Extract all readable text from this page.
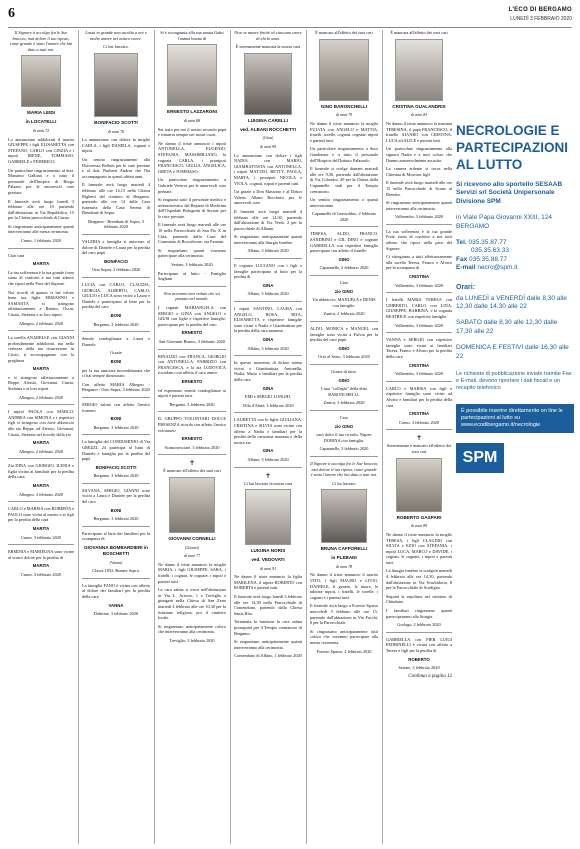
6	L'ECO DI BERGAMO
LUNEDÌ 3 FEBBRAIO 2020

Il Signore ti accolga fra le Sue braccia, mai dolore il tuo riposo, come grande è stato l'amore che hai dato a tutti noi.

MARIA LEIDI

in LOCATELLI

di anni 72

Lo annunciano addolorati il marito GIUSEPPE i figli ELISABETTA con STEFANO, CARLO con CINZIA e i nipoti IRENE, TOMMASO, GABRIELE e FEDERICO.

Un particolare ringraziamento al dott. Massimo Galbiati e a tutto il personale dell'hospice di Borgo Palazzo per le amorevoli cure prestate.

Il funerale avrà luogo lunedì 3 febbraio alle ore 10 partendo dall'abitazione in Via Repubblica, 15 per la Chiesa parrocchiale di Curno.

Si ringraziano anticipatamente quanti interverranno alle mesta cerimonia.

Curno, 1 febbraio 2020

Ciao cara

MARITA

La tua sofferenza è la tua grande forza siano di conforto a noi tutti adesso che riposi nella Pace del Signore.

Noi ricordi di quanto ci hai voluto bene tua figlia ERMANNO e SAMANTA si stringono affettuosamente a Renato, Oscar, Cinzia, Stefania e ai loro nipoti.

Albegno, 2 febbraio 2020

La sorella ANABELLE con GIANNI profondamente addolorati, ma nella certezza della tua risurrezione in Cristo, ti accompagnano con la preghiera

MARITA

e si stringono affettuosamente a Beppe, Alessio, Giovanni, Cinzia, Stefania e ai loro nipoti.

Albegno, 2 febbraio 2020

I nipoti PAOLA con MARCO, ANDREA con SIMONA e i rispettivi figli si stringono con forte abbraccio allo zio Beppe, ad Alessio, Giovanni, Cinzia, Stefania nel ricordo della zia

MARITA

Albegno, 2 febbraio 2020

Zia DINA con GIORGIO, ILENIA e figlia vicina ai familiari per la perdita della cara

MARITA

Albegno, 3 febbraio 2020

CARLO e MARISA con ROBERTA e PAOLO sono vicini al marito e ai figli per la perdita della cara

MARITA

Curno, 3 febbraio 2020

ERMINIA e MARIEUNA sono vicine al vostro dolore per la perdita di

MARITA

Curno, 3 febbraio 2020

Lassù in grande non ascolta a noi e molto amore nel nostro cuore.

Ci hai lasciato.

BONIFACIO SCOTTI

di anni 76

Lo annunciano con dolore la moglie CARLA, i figli DANIELA, cognati e nipoti.

Un sentito ringraziamento alla Dottoressa Belloni per le cure prestate e al dott. Barbieri Andrea che l'ha accompagnato in questi ultimi anni.

Il funerale avrà luogo martedì 4 febbraio alle ore 14,15 nella Chiesa Righetti del cimitero di Bergamo, partendo alle ore 14 dalla Casa funeraria della Casa Serena di Brembate di Sopra.

Bergamo - Brembate di Sopra, 3 febbraio 2020

VALERIA e famiglia si uniscono al dolore di Daniele e Laura per la perdita del caro papà

BONIFACIO

Osio Sopra, 2 febbraio 2020

LUCIA con CARLO, CLAUDIA, GIORGIA, ALBERTO, CARLO, GIULIO e LUCA sono vicini a Laura e Daniele e partecipano al lutto per la perdita del caro

BONI

Bergamo, 2 febbraio 2020

Sentite condoglianze a Laura e Daniele.

Grazie

BONI

per la tua amicizia incondizionata che ci hai sempre dimostrato.

Con affetto MARIA Albegno - Bergamo - Osio Sopra, 3 febbraio 2020

SERGIO saluta con affetto l'amico fraterno

BONI

Bergamo, 3 febbraio 2020

La famiglia del CONDOMINIO di Via GREZZI, 24 partecipa al lutto di Daniele e famiglia per la perdita del papà

BONIFACIO SCOTTI

Bergamo, 3 febbraio 2020

SILVANA, SERGIO, GIANNI sono vicini a Laura e Daniele per la perdita del caro

BONI

Bergamo, 3 febbraio 2020

Partecipano al lutto dei familiari per la scomparsa di

GIOVANNA BOMBARDIERI in BOSCHETTI

(Vanna)

Classe 1952, Bonate Sopra.

La famiglia FANO è vicina con affetto al dolore dei familiari per la perdita della cara

VANNA

Dalmine, 3 febbraio 2020

Si è ricongiunta alla sua amata Gabri l'anima buona di

ERNESTO LAZZARONI

di anni 88

Sei stato per noi il nostro secondo papà e rimarrai sempre nei nostri cuori.

Ne danno il triste annuncio i nipoti ANTONELLA, EUGENIO, STEFANIA, MASSIMILIANO, la cognata CARLA, i pronipoti FRANCESCO, GIULIA, ANGELICA, GRETA e TOMMASO.

Un particolare ringraziamento a Gabriele Vertova per le amorevoli cure prestate.

Si ringrazia tutto il personale medico e infermieristico del Reparto di Medicina dell'Ospedale Bolognini di Seriate per le cure prestate.

Il funerale avrà luogo martedì alle ore 10 nella Parrocchiale di San Pio X in Città, partendo dalla Casa del Commiato di Boccaleone, via Fantoni.

Si ringraziano quanti vorranno partecipare alla cerimonia.

Seriate, 3 febbraio 2020

Partecipano al lutto: - Famiglie Sugliani

Non avevamo mai veduto che sei passato nel mondo.

I cognati MARIANGELA con SERGIO e GINA con ANGELO e GIUSI con figlie e rispettive famiglie, partecipano per la perdita del caro

ERNESTO

San Giovanni Bianco, 3 febbraio 2020

RINALDO con FRANCA, GIORGIO con ANTONELLA, FABRIZIO con FRANCESCA, e la zia LUDOVICA ricordano con affetto il caro amico

ERNESTO

ed esprimono sentite condoglianze ai nipoti e parenti tutti.

Bergamo, 3 febbraio 2020

IL GRUPPO VOLONTARI DOLCE PRESENZA ricorda con affetto l'amico volontario

ERNESTO

Scanzorosciate, 3 febbraio 2020

✝

È mancato all'affetto dei suoi cari

GIOVANNI CORNELLI

(Gianni)

di anni 77

Ne danno il triste annuncio la moglie MARIA, i figli GIUSEPPE, SARA, i fratelli, i cognati, le cognate, i nipoti e parenti tutti.

La cara salma si trova nell'abitazione in Via L. Ariosto, 1 a Treviglio e giungerà nella Chiesa di San Zeno martedì 4 febbraio alle ore 10,30 per la funzione religiosa, poi il cimitero locale.

Si ringraziano anticipatamente coloro che interverranno alla cerimonia.

Treviglio, 3 febbraio 2020

Nive se muore finché al ciascuno cuore di chi lo ama.

È serenamente mancata la nostra cara

LUIGINA CARELLI

ved. ALBANI ROCCHETTI

(Gina)

di anni 99

Lo annunciano con dolore i figli NADIA con MARIO, GIAMBATTISTA con ANTONELLA, i nipoti MATTEO, BETTY, PAOLA, MARTA, i pronipoti NICOLA e VIOLA, cognati, nipoti e parenti tutti.

Un grazie a Don Massimo e al Dottor Valerio Albani Rocchetti per le amorevoli cure.

Il funerale avrà luogo martedì 4 febbraio alle ore 14,30, partendo dall'abitazione di Via Verdi, 2 per la parrocchiale di Albano.

Si ringraziano anticipatamente quanti interverranno alla liturgia funebre.

Albino, 3 febbraio 2020

Il cognato LUCIANO con i figli e famiglie partecipano al lutto per la perdita di

GINA

Albino, 3 febbraio 2020

I nipoti SANTINO, LAURA con ANGELO, ROSA, RITA, ELISABETTA e rispettive famiglie sono vicini a Nadia e Giambattista per la perdita della cara mamma

GINA

Albino, 3 febbraio 2020

In questo momento di dolore siamo vicini a Giambattista, Antonella, Nadia, Mario e familiari per la perdita della cara

GINA

EMI e SERGIO LONGHI.

Villa d'Almè, 3 febbraio 2020

LAURETTA con le figlie GIULIANA, CRISTINA e SILVIA sono vicine con affetto a Nadia e familiari per la perdita della carissima mamma e della nostra zia

GINA

Albino, 3 febbraio 2020

✝

Ci hai lasciato la nostra cara

LUIGINA NORIS

ved. VEDOVATI

di anni 91

Ne danno il triste annuncio la figlia MARILENA, il nipote ROBERTO con ROBERTA e parenti tutti.

Il funerale avrà luogo lunedì 3 febbraio alle ore 14,30 nella Parrocchiale di Comenduno, partendo dalla Chiesa Santa Rita.

Terminata la funzione la cara salma proseguirà per il Tempio crematorio di Bergamo.

Si ringraziano anticipatamente quanti interverranno alla cerimonia.

Comenduno di Albino, 1 febbraio 2020

È mancato all'affetto dei suoi cari

GINO BARONCHELLI

di anni 79

Ne danno il triste annuncio la moglie FULVIA con ANGELO e MATTIA, fratelli, sorelle, cognati, cognate, nipoti e parenti tutti.

Un particolare ringraziamento a Suor Gaudenzia e a tutto il personale dell'Hospice dell'Istituto Palazzolo.

Il funerale si svolge domani martedì alle ore 9,30, partendo dall'abitazione di Via Colombo, 49 per la Chiesa della Capannelle, indi per il Tempio crematorio.

Un sentito ringraziamento a quanti interverranno.

Capannelle di Grassobbio, 2 febbraio 2020

TERESA, ALDO, FRANCO, SANDRINO e GIL DINO e cognate GABRIELLA con rispettive famiglie partecipano con affetto il fratello

GINO

Capannelle, 2 febbraio 2020

Ciao

zio GINO

Un abbraccio, MANUELA e DENIS con famiglie.

Zanica, 2 febbraio 2020

ALDO, MONICA e MANUEL con famiglie sono vicini a Fulvia per la perdita del caro papà

GINO

Orio al Serio, 3 febbraio 2020

Grazie di tutto.

GINO

I tuoi "colleghi" della ditta BARONCHELLI.

Zanica, 3 febbraio 2020

Caro

zio GINO

sarò dolce il tuo ricordo. Nipote DORINA con famiglia.

Capannelle, 3 febbraio 2020

Il Signore ti accolga fra le Sue braccia, mai dolore il tuo riposo, come grande è stato l'amore che hai dato a tutti noi.

Ci ha lasciato

BRUNA CAFFORELLI

in PLEBANI

di anni 78

Ne danno il triste annuncio il marito VITO, i figli MAURO e LIVIO, DANIELE, il genero, le nuore, le adorate nipoti, i fratelli, le sorelle, i cognati e i parenti tutti.

Il funerale avrà luogo a Foresto Sparso mercoledì 5 febbraio alle ore 15, partendo dall'abitazione in Via Facchi, 6 per la Parrocchiale.

Si ringraziano anticipatamente tutti coloro che vorranno partecipare alla mesta cerimonia.

Foresto Sparso, 2 febbraio 2020

È mancata all'affetto dei suoi cari

CRISTINA GUALANDRIS

di anni 83

Ne danno il triste annuncio la mamma TERESINA, il papà FRANCESCO, il fratello ALVARO con CRISTINA, LUCA ed ALICE e parenti tutti.

Un particolare ringraziamento alla signora Nadia e a tutti coloro che l'hanno amorevolmente assistita.

La camera ardente si trova nella Chiesina di Mosconi figli.

Il funerale avrà luogo martedì alle ore 15 nella Parrocchiale di Scano al Brembo.

Si ringraziano anticipatamente quanti interverranno alla cerimonia.

Valbrembo, 3 febbraio 2020

La tua sofferenza è la tua grande Forte siano di conforto a noi tutti adesso che riposi nella pace del Signore.

Ci stringiamo a tutti affettuosamente alla sorella Teresa, Franco e Alvaro per la scomparsa di

CRISTINA

Valbrembo, 3 febbraio 2020

I fratelli MARIA TERESA con UMBERTO, CARLO con LINA, GIUSEPPE, BARBINA, e la cognata BEATRICE con rispettive famiglie.

Valbrembo, 3 febbraio 2020

VANNA e SERGIO con rispettive famiglie sono vicini ai familiari Teresa, Franco e Alvaro per la perdita della cara

CRISTINA

Valbrembo, 3 febbraio 2020

CARLO e MARISA con figli e rispettive famiglie sono vicini ad Alvaro e familiari per la perdita della cara

CRISTINA

Curno, 3 febbraio 2020

✝

Serenamente è mancato all'affetto dei suoi cari

ROBERTO GASPARI

di anni 89

Ne danno il triste annuncio la moglie TERESA, i figli CLAUDIO con SILVIA e EZIO con STEFANIA, i nipoti LUCA, MARCO e DAVIDE, i cognati, le cognate, i nipoti e parenti tutti.

La liturgia funebre si svolgerà martedì 4 febbraio alle ore 14,30, partendo dall'abitazione in Via Scurbidoria, 8 per la Parrocchiale di Scudigno.

Seguirà la sepoltura nel cimitero di Chiuduno.

I familiari ringraziano quanti parteciperanno alla liturgia.

Gorlago, 2 febbraio 2020

GABRIELLA con PIER LUIGI PEDRINELLI è vicina con affetto a Teresa e figli per la perdita di

ROBERTO

Seriate, 3 febbraio 2020

Continua a pagina 12

NECROLOGIE E PARTECIPAZIONI AL LUTTO
Si ricevono allo sportello SESAAB Servizi srl Società Unipersonale Divisione SPM
in Viale Papa Giovanni XXIII, 124 BERGAMO
Tel. 035.35.87.77
035.35.63.33
Fax 035.35.88.77
E-mail necro@spm.it
Orari:
da LUNEDÌ a VENERDÌ dalle 8,30 alle 12,30 dalle 14,30 alle 22
SABATO dalle 8,30 alle 12,30 dalle 17,30 alle 22
DOMENICA E FESTIVI dalle 16,30 alle 22
Le richieste di pubblicazione inviate tramite Fax e E-mail, devono riportare i dati fiscali e un recapito telefonico
È possibile inserire direttamente on line le partecipazioni al lutto su www.ecodibergamo.it/necrologie
SPM
